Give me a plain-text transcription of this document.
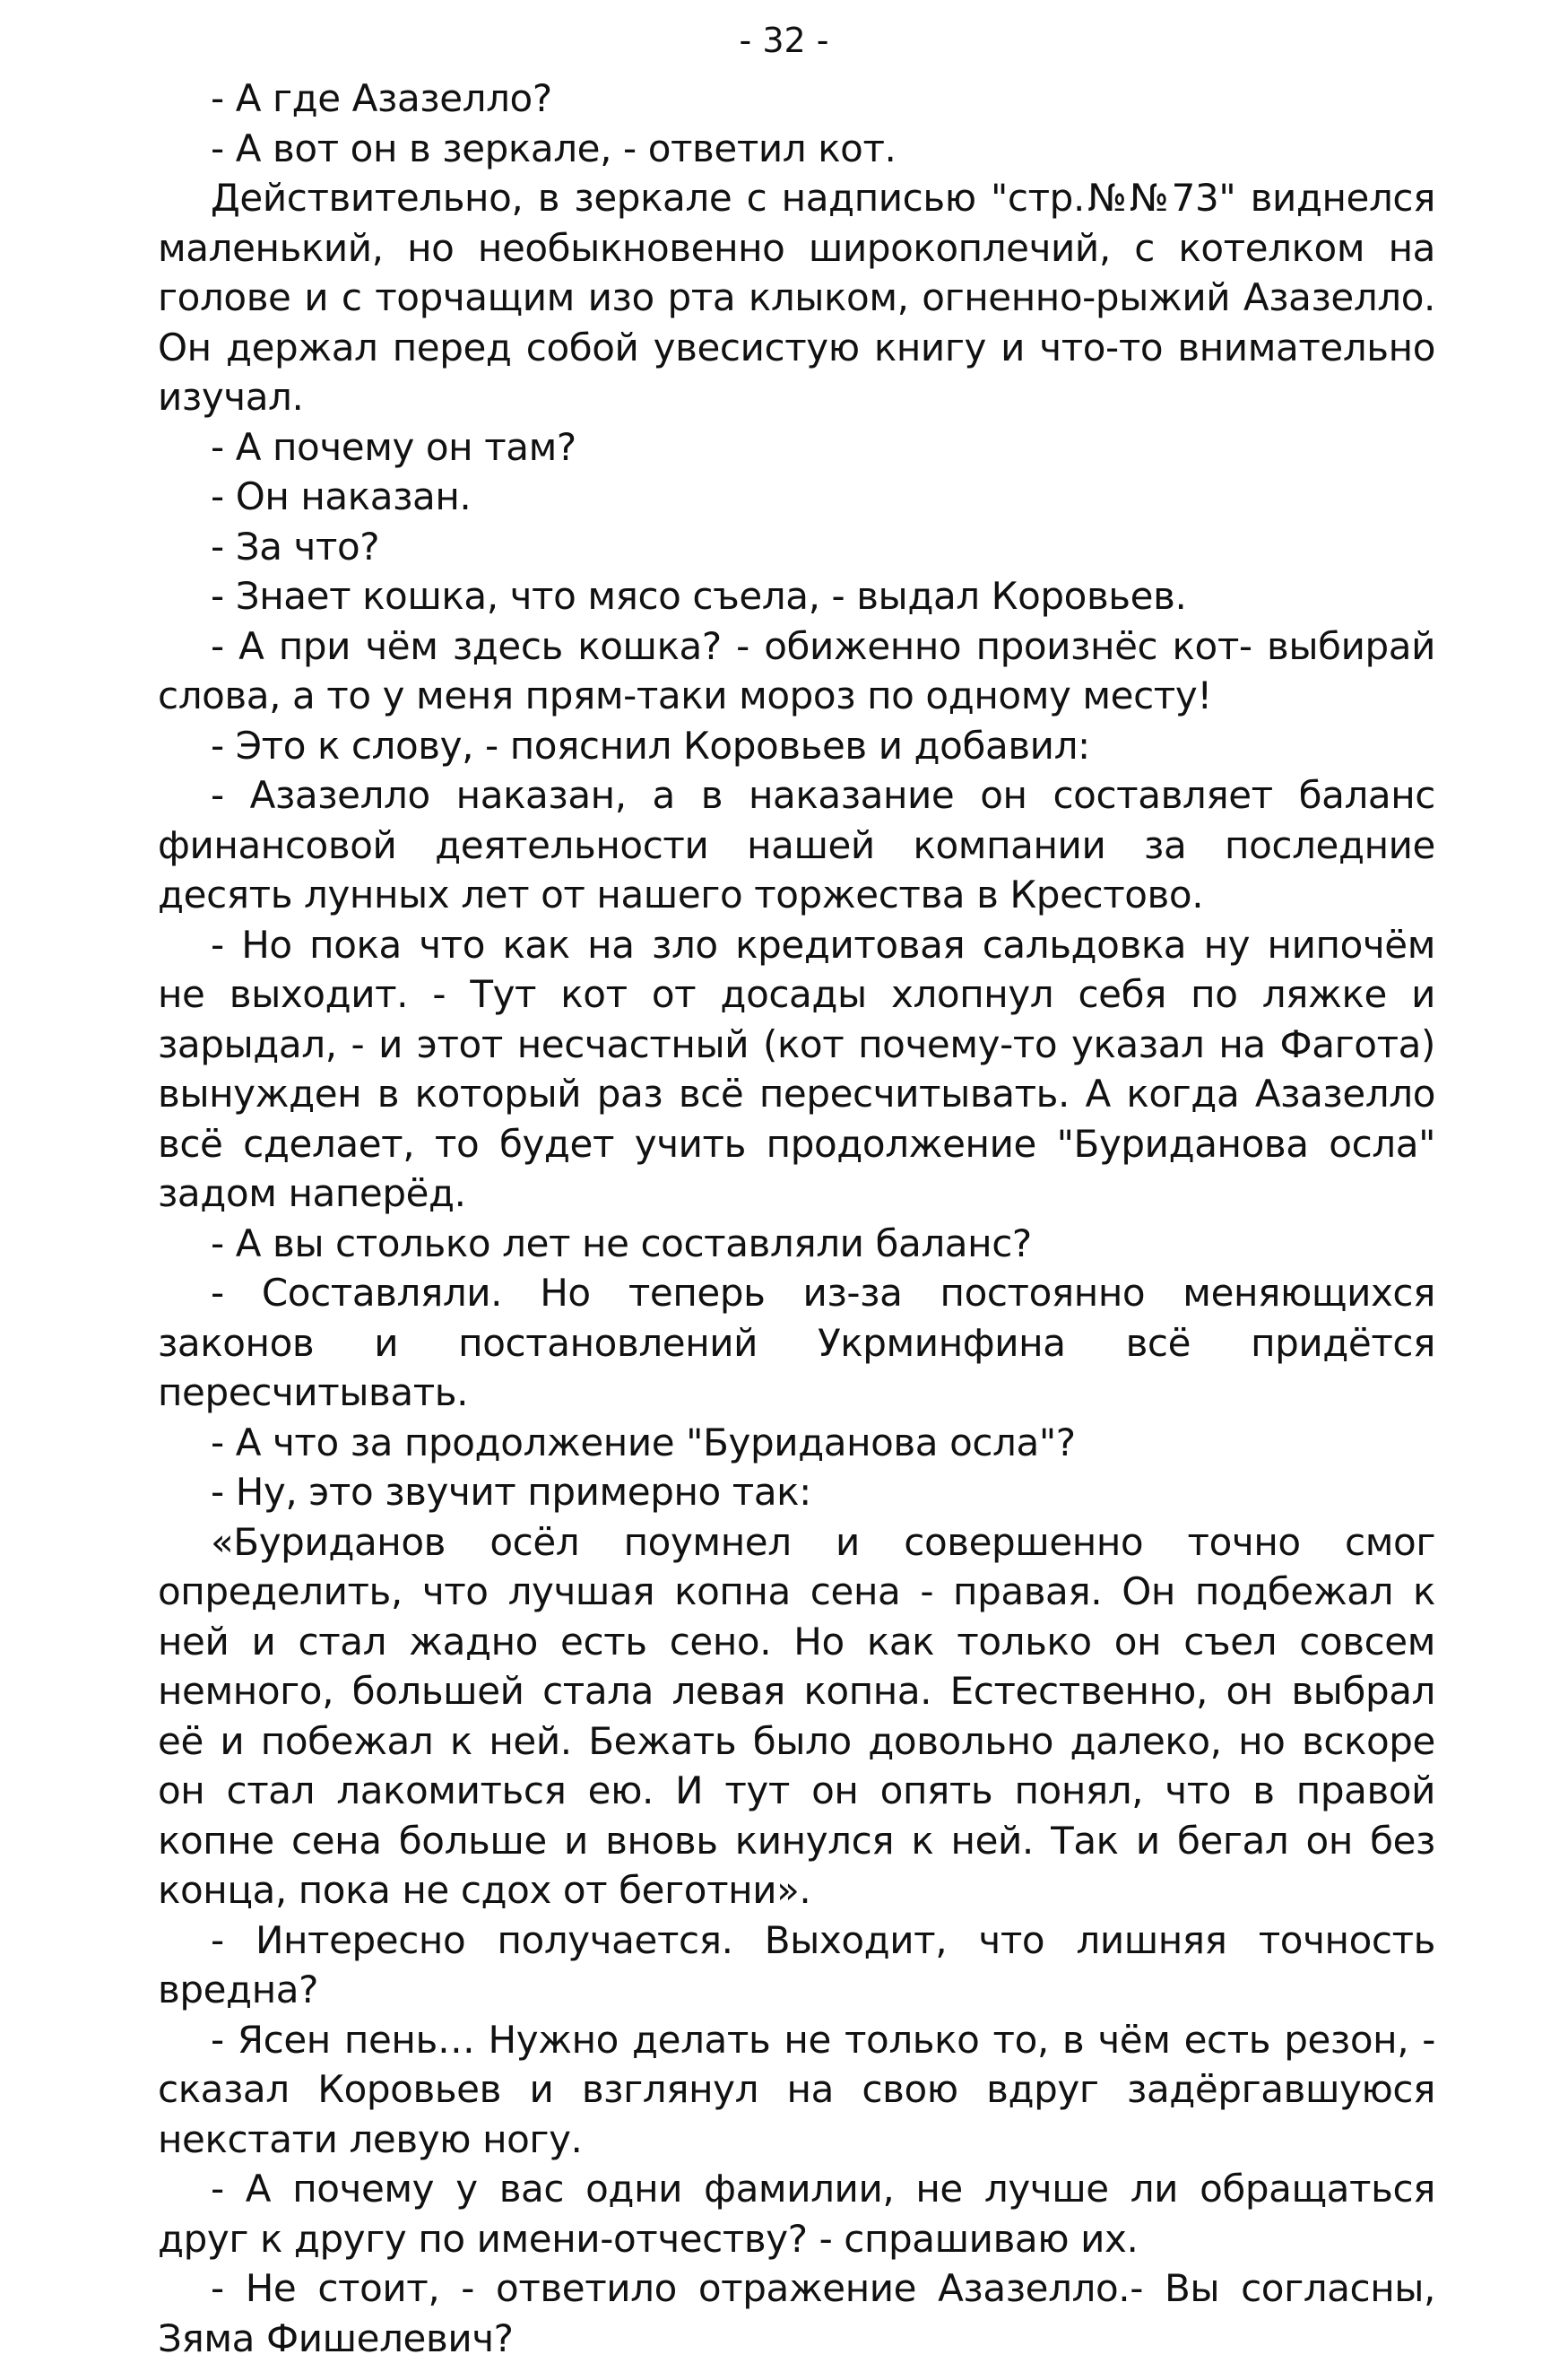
- 32 -

- А где Азазелло?

- А вот он в зеркале, - ответил кот.

Действительно, в зеркале с надписью "стр.№№73" виднелся маленький, но необыкновенно широкоплечий, с котелком на голове и с торчащим изо рта клыком, огненно-рыжий Азазелло. Он держал перед собой увесистую книгу и что-то внимательно изучал.

- А почему он там?

- Он наказан.

- За что?

- Знает кошка, что мясо съела, - выдал Коровьев.

- А при чём здесь кошка? - обиженно произнёс кот- выбирай слова, а то у меня прям-таки мороз по одному месту!

- Это к слову, - пояснил Коровьев и добавил:

- Азазелло наказан, а в наказание он составляет баланс финансовой деятельности нашей компании за последние десять лунных лет от нашего торжества в Крестово.

- Но пока что как на зло кредитовая сальдовка ну нипочём не выходит. - Тут кот от досады хлопнул себя по ляжке и зарыдал, - и этот несчастный (кот почему-то указал на Фагота) вынужден в который раз всё пересчитывать. А когда Азазелло всё сделает, то будет учить продолжение "Буриданова осла" задом наперёд.

- А вы столько лет не составляли баланс?

- Составляли. Но теперь из-за постоянно меняющихся законов и постановлений Укрминфина всё придётся пересчитывать.

- А что за продолжение "Буриданова осла"?

- Ну, это звучит примерно так:

«Буриданов осёл поумнел и совершенно точно смог определить, что лучшая копна сена - правая. Он подбежал к ней и стал жадно есть сено. Но как только он съел совсем немного, большей стала левая копна. Естественно, он выбрал её и побежал к ней. Бежать было довольно далеко, но вскоре он стал лакомиться ею. И тут он опять понял, что в правой копне сена больше и вновь кинулся к ней. Так и бегал он без конца, пока не сдох от беготни».

- Интересно получается. Выходит, что лишняя точность вредна?

- Ясен пень… Нужно делать не только то, в чём есть резон, - сказал Коровьев и взглянул на свою вдруг задёргавшуюся некстати левую ногу.

- А почему у вас одни фамилии, не лучше ли обращаться друг к другу по имени-отчеству? - спрашиваю их.

- Не стоит, - ответило отражение Азазелло.- Вы согласны, Зяма Фишелевич?
